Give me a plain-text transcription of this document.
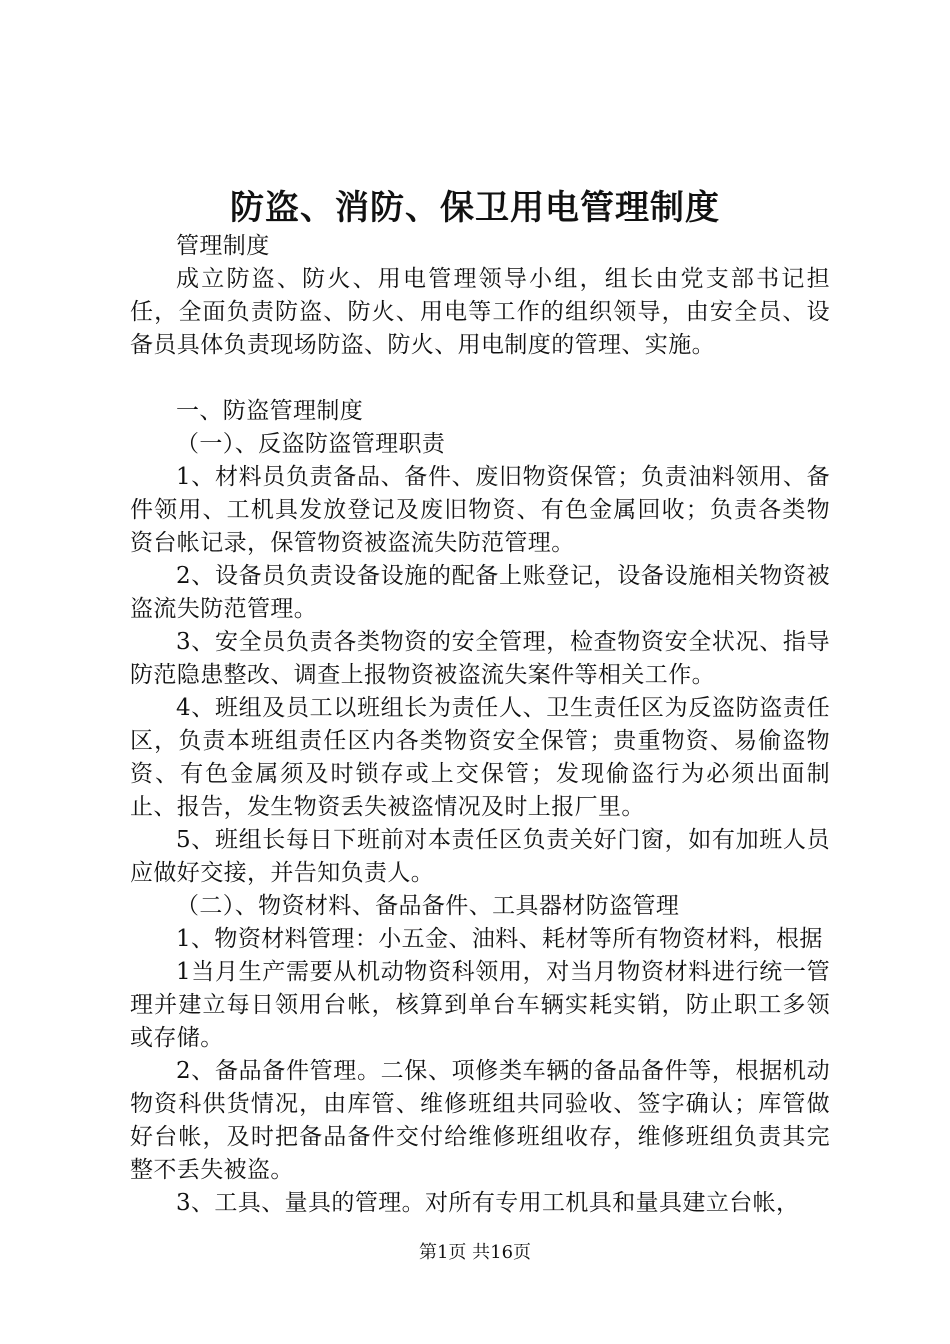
防盗、消防、保卫用电管理制度

管理制度

成立防盗、防火、用电管理领导小组，组长由党支部书记担任，全面负责防盗、防火、用电等工作的组织领导，由安全员、设备员具体负责现场防盗、防火、用电制度的管理、实施。

一、防盗管理制度

（一）、反盗防盗管理职责

1、材料员负责备品、备件、废旧物资保管；负责油料领用、备件领用、工机具发放登记及废旧物资、有色金属回收；负责各类物资台帐记录，保管物资被盗流失防范管理。

2、设备员负责设备设施的配备上账登记，设备设施相关物资被盗流失防范管理。

3、安全员负责各类物资的安全管理，检查物资安全状况、指导防范隐患整改、调查上报物资被盗流失案件等相关工作。

4、班组及员工以班组长为责任人、卫生责任区为反盗防盗责任区，负责本班组责任区内各类物资安全保管；贵重物资、易偷盗物资、有色金属须及时锁存或上交保管；发现偷盗行为必须出面制止、报告，发生物资丢失被盗情况及时上报厂里。

5、班组长每日下班前对本责任区负责关好门窗，如有加班人员应做好交接，并告知负责人。

（二）、物资材料、备品备件、工具器材防盗管理

1、物资材料管理：小五金、油料、耗材等所有物资材料，根据

1当月生产需要从机动物资科领用，对当月物资材料进行统一管理并建立每日领用台帐，核算到单台车辆实耗实销，防止职工多领或存储。

2、备品备件管理。二保、项修类车辆的备品备件等，根据机动物资科供货情况，由库管、维修班组共同验收、签字确认；库管做好台帐，及时把备品备件交付给维修班组收存，维修班组负责其完整不丢失被盗。

3、工具、量具的管理。对所有专用工机具和量具建立台帐，

第1页 共16页
